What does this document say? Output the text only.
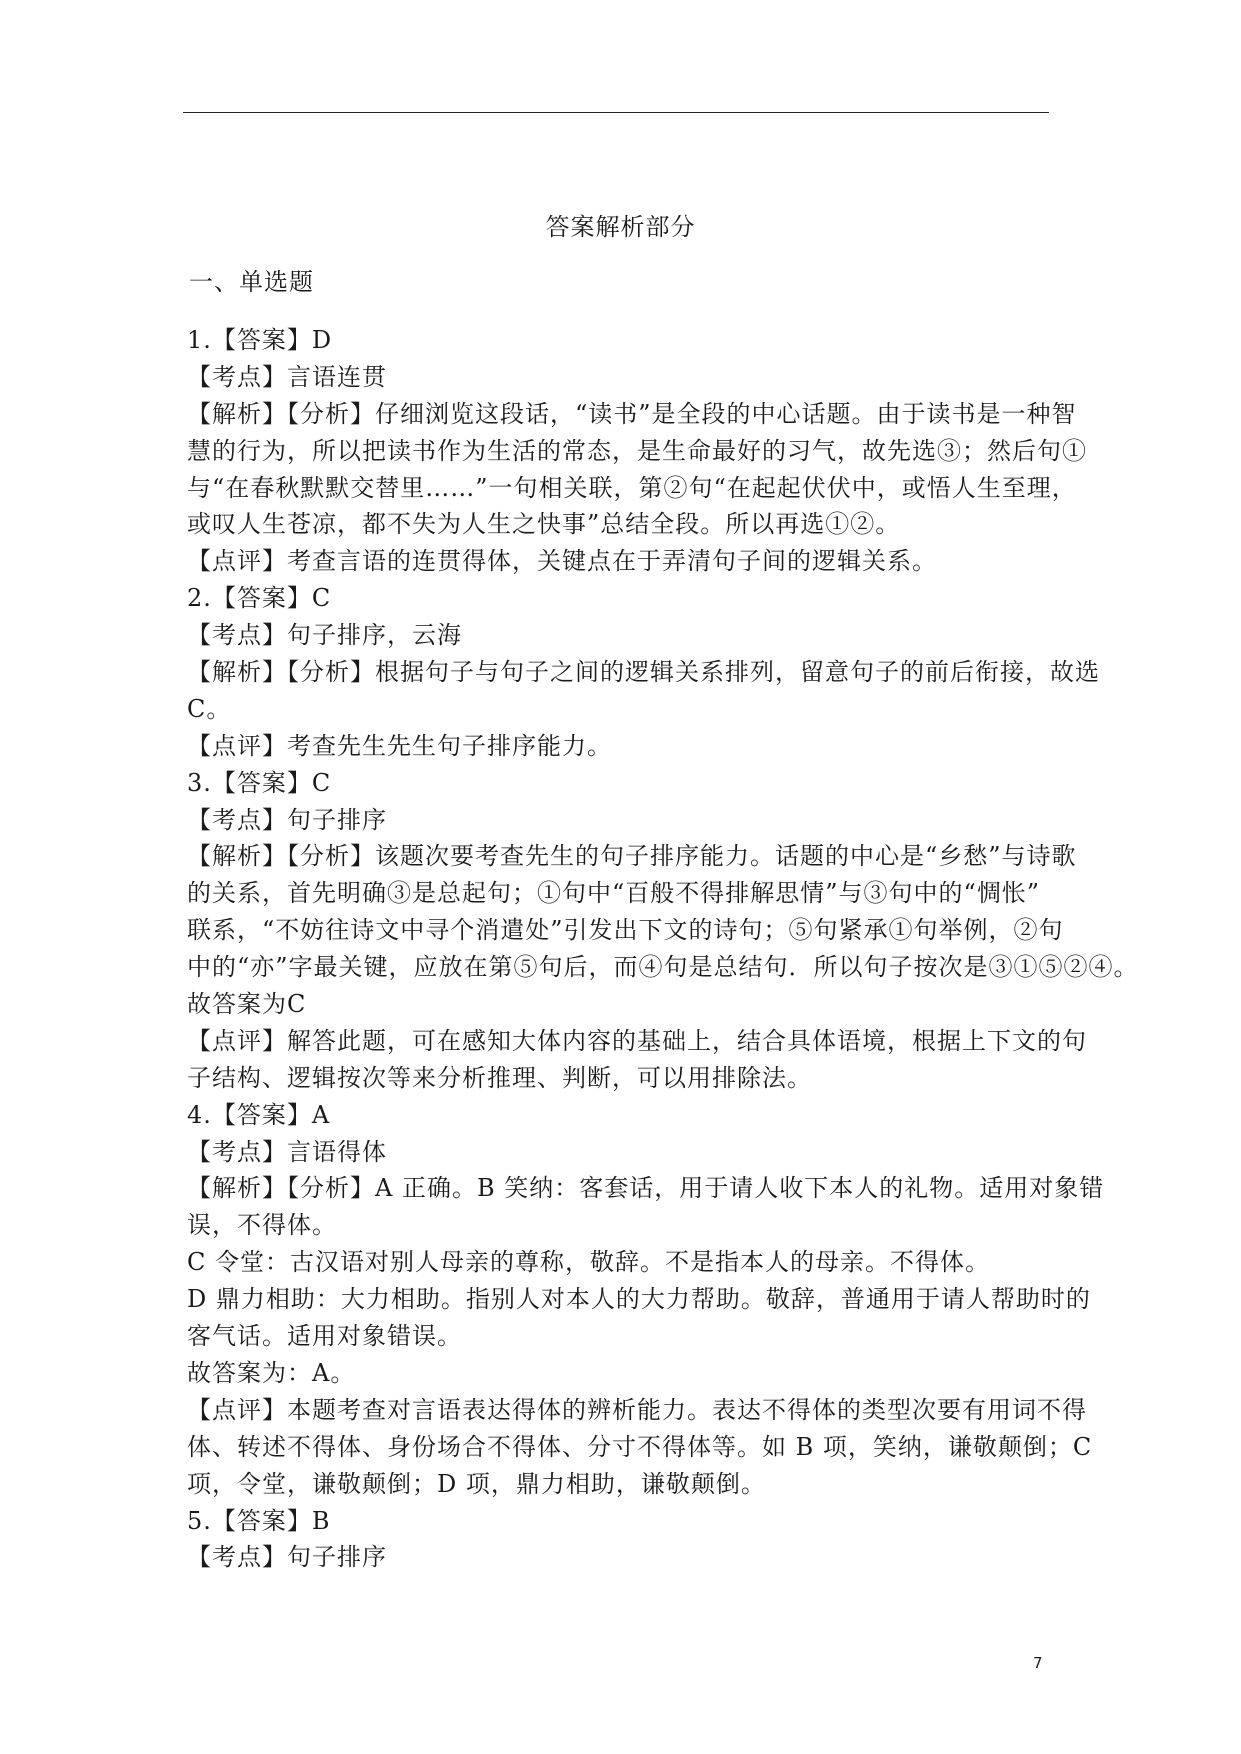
答案解析部分
一、单选题
1.【答案】D
【考点】言语连贯
【解析】【分析】仔细浏览这段话，“读书”是全段的中心话题。由于读书是一种智
慧的行为，所以把读书作为生活的常态，是生命最好的习气，故先选③；然后句①
与“在春秋默默交替里……”一句相关联，第②句“在起起伏伏中，或悟人生至理，
或叹人生苍凉，都不失为人生之快事”总结全段。所以再选①②。
【点评】考查言语的连贯得体，关键点在于弄清句子间的逻辑关系。
2.【答案】C
【考点】句子排序，云海
【解析】【分析】根据句子与句子之间的逻辑关系排列，留意句子的前后衔接，故选
C。
【点评】考查先生先生句子排序能力。
3.【答案】C
【考点】句子排序
【解析】【分析】该题次要考查先生的句子排序能力。话题的中心是“乡愁”与诗歌
的关系，首先明确③是总起句；①句中“百般不得排解思情”与③句中的“惆怅”
联系，“不妨往诗文中寻个消遣处”引发出下文的诗句；⑤句紧承①句举例，②句
中的“亦”字最关键，应放在第⑤句后，而④句是总结句．所以句子按次是③①⑤②④。
故答案为C
【点评】解答此题，可在感知大体内容的基础上，结合具体语境，根据上下文的句
子结构、逻辑按次等来分析推理、判断，可以用排除法。
4.【答案】A
【考点】言语得体
【解析】【分析】A 正确。B 笑纳：客套话，用于请人收下本人的礼物。适用对象错
误，不得体。
C 令堂：古汉语对别人母亲的尊称，敬辞。不是指本人的母亲。不得体。
D 鼎力相助：大力相助。指别人对本人的大力帮助。敬辞，普通用于请人帮助时的
客气话。适用对象错误。
故答案为：A。
【点评】本题考查对言语表达得体的辨析能力。表达不得体的类型次要有用词不得
体、转述不得体、身份场合不得体、分寸不得体等。如 B 项，笑纳，谦敬颠倒；C
项，令堂，谦敬颠倒；D 项，鼎力相助，谦敬颠倒。
5.【答案】B
【考点】句子排序
7
